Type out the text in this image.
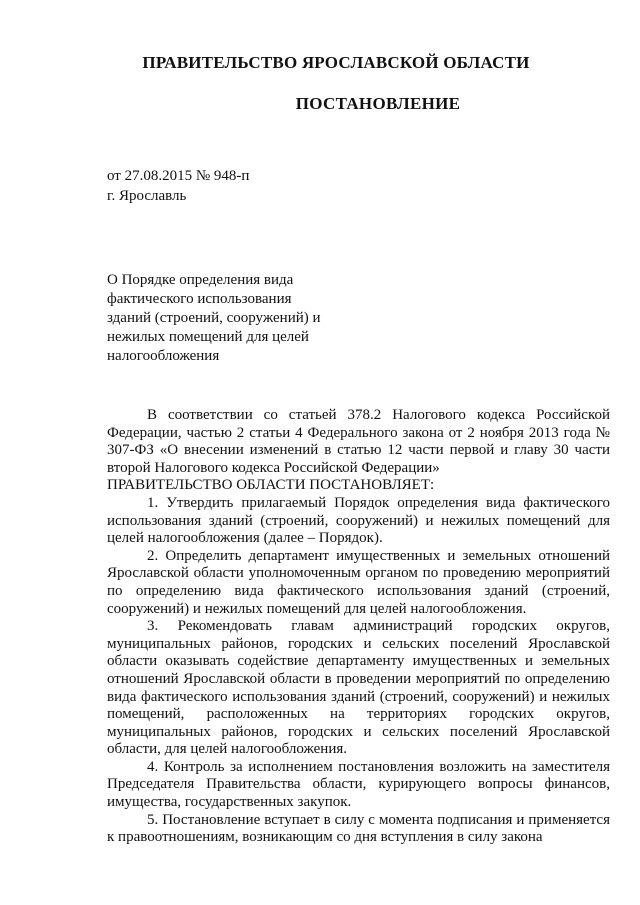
ПРАВИТЕЛЬСТВО ЯРОСЛАВСКОЙ ОБЛАСТИ
ПОСТАНОВЛЕНИЕ
от 27.08.2015 № 948-п
г. Ярославль
О Порядке определения вида
фактического использования
зданий (строений, сооружений) и
нежилых помещений для целей
налогообложения

В соответствии со статьей 378.2 Налогового кодекса Российской Федерации, частью 2 статьи 4 Федерального закона от 2 ноября 2013 года № 307-ФЗ «О внесении изменений в статью 12 части первой и главу 30 части второй Налогового кодекса Российской Федерации»

ПРАВИТЕЛЬСТВО ОБЛАСТИ ПОСТАНОВЛЯЕТ:

1. Утвердить прилагаемый Порядок определения вида фактического использования зданий (строений, сооружений) и нежилых помещений для целей налогообложения (далее – Порядок).

2. Определить департамент имущественных и земельных отношений Ярославской области уполномоченным органом по проведению мероприятий по определению вида фактического использования зданий (строений, сооружений) и нежилых помещений для целей налогообложения.

3. Рекомендовать главам администраций городских округов, муниципальных районов, городских и сельских поселений Ярославской области оказывать содействие департаменту имущественных и земельных отношений Ярославской области в проведении мероприятий по определению вида фактического использования зданий (строений, сооружений) и нежилых помещений, расположенных на территориях городских округов, муниципальных районов, городских и сельских поселений Ярославской области, для целей налогообложения.

4. Контроль за исполнением постановления возложить на заместителя Председателя Правительства области, курирующего вопросы финансов, имущества, государственных закупок.

5. Постановление вступает в силу с момента подписания и применяется к правоотношениям, возникающим со дня вступления в силу закона
